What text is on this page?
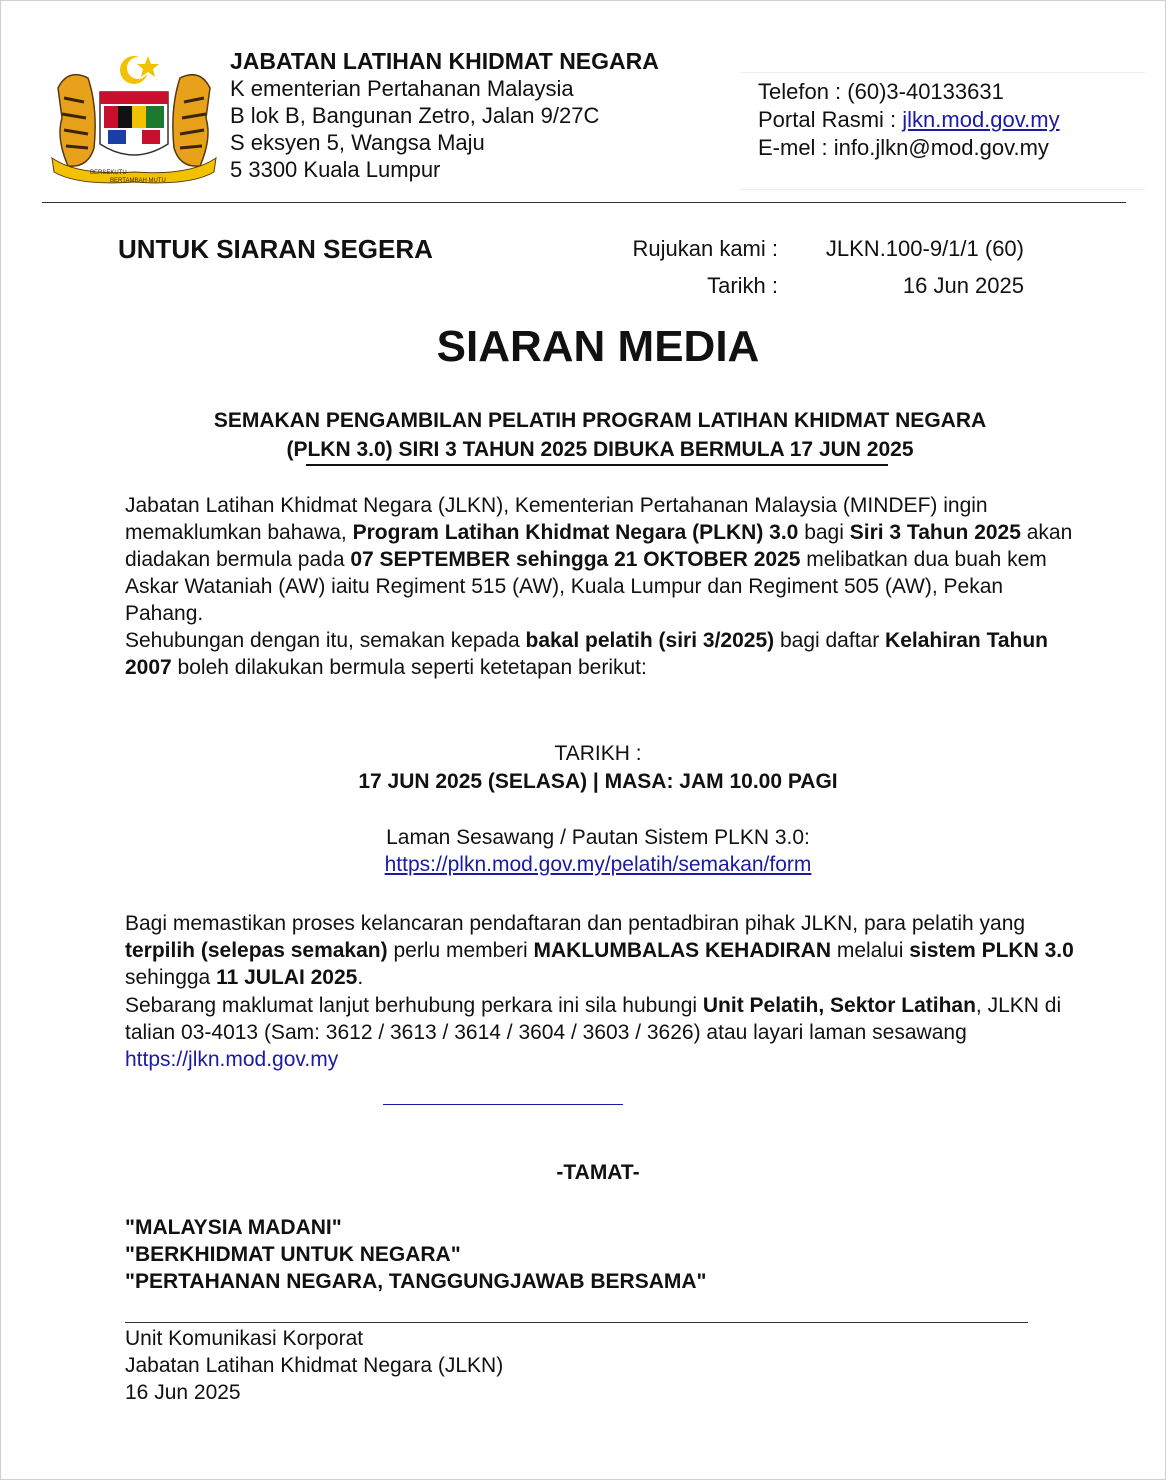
BERSEKUTU
BERTAMBAH MUTU
JABATAN LATIHAN KHIDMAT NEGARA
K ementerian Pertahanan Malaysia
B lok B, Bangunan Zetro, Jalan 9/27C
S eksyen 5, Wangsa Maju
5 3300 Kuala Lumpur
Telefon : (60)3-40133631
Portal Rasmi : jlkn.mod.gov.my
E-mel : info.jlkn@mod.gov.my
UNTUK SIARAN SEGERA	Rujukan kami :	JLKN.100-9/1/1 (60)
Tarikh :	16 Jun 2025
SIARAN MEDIA
SEMAKAN PENGAMBILAN PELATIH PROGRAM LATIHAN KHIDMAT NEGARA
(PLKN 3.0) SIRI 3 TAHUN 2025 DIBUKA BERMULA 17 JUN 2025
Jabatan Latihan Khidmat Negara (JLKN), Kementerian Pertahanan Malaysia (MINDEF) ingin memaklumkan bahawa, Program Latihan Khidmat Negara (PLKN) 3.0 bagi Siri 3 Tahun 2025 akan diadakan bermula pada 07 SEPTEMBER sehingga 21 OKTOBER 2025 melibatkan dua buah kem Askar Wataniah (AW) iaitu Regiment 515 (AW), Kuala Lumpur dan Regiment 505 (AW), Pekan Pahang.
Sehubungan dengan itu, semakan kepada bakal pelatih (siri 3/2025) bagi daftar Kelahiran Tahun 2007 boleh dilakukan bermula seperti ketetapan berikut:
TARIKH :
17 JUN 2025 (SELASA) | MASA: JAM 10.00 PAGI
Laman Sesawang / Pautan Sistem PLKN 3.0:
https://plkn.mod.gov.my/pelatih/semakan/form
Bagi memastikan proses kelancaran pendaftaran dan pentadbiran pihak JLKN, para pelatih yang terpilih (selepas semakan) perlu memberi MAKLUMBALAS KEHADIRAN melalui sistem PLKN 3.0 sehingga 11 JULAI 2025.
Sebarang maklumat lanjut berhubung perkara ini sila hubungi Unit Pelatih, Sektor Latihan, JLKN di talian 03-4013 (Sam: 3612 / 3613 / 3614 / 3604 / 3603 / 3626) atau layari laman sesawang https://jlkn.mod.gov.my
-TAMAT-
"MALAYSIA MADANI"
"BERKHIDMAT UNTUK NEGARA"
"PERTAHANAN NEGARA, TANGGUNGJAWAB BERSAMA"
Unit Komunikasi Korporat
Jabatan Latihan Khidmat Negara (JLKN)
16 Jun 2025
